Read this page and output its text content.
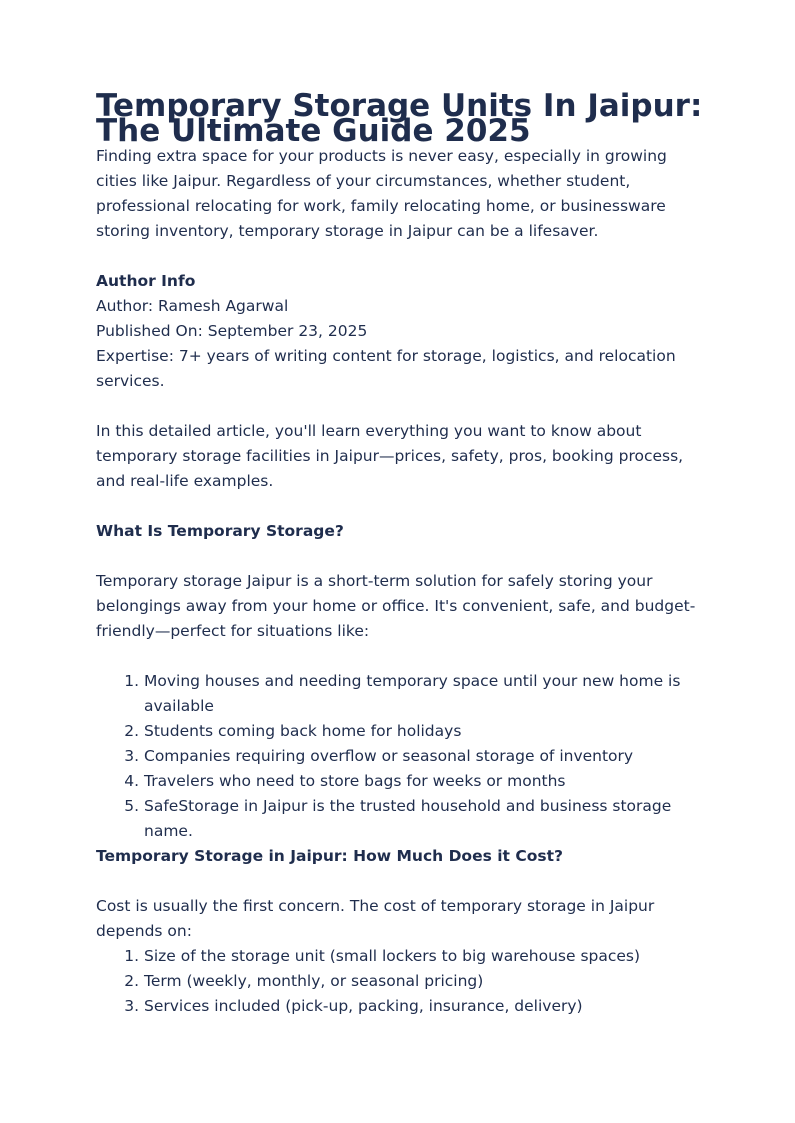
Temporary Storage Units In Jaipur: The Ultimate Guide 2025

Finding extra space for your products is never easy, especially in growing cities like Jaipur. Regardless of your circumstances, whether student, professional relocating for work, family relocating home, or businessware storing inventory, temporary storage in Jaipur can be a lifesaver.

Author Info

Author: Ramesh Agarwal

Published On: September 23, 2025

Expertise: 7+ years of writing content for storage, logistics, and relocation services.

In this detailed article, you'll learn everything you want to know about temporary storage facilities in Jaipur—prices, safety, pros, booking process, and real-life examples.

What Is Temporary Storage?

Temporary storage Jaipur is a short-term solution for safely storing your belongings away from your home or office. It's convenient, safe, and budget-friendly—perfect for situations like:

1. Moving houses and needing temporary space until your new home is available
2. Students coming back home for holidays
3. Companies requiring overflow or seasonal storage of inventory
4. Travelers who need to store bags for weeks or months
5. SafeStorage in Jaipur is the trusted household and business storage name.

Temporary Storage in Jaipur: How Much Does it Cost?

Cost is usually the first concern. The cost of temporary storage in Jaipur depends on:

1. Size of the storage unit (small lockers to big warehouse spaces)
2. Term (weekly, monthly, or seasonal pricing)
3. Services included (pick-up, packing, insurance, delivery)
